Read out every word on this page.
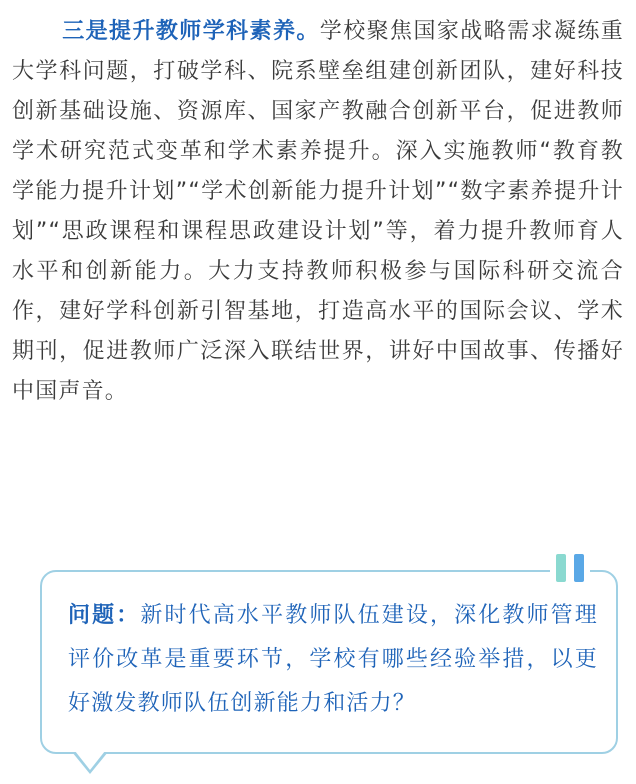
三是提升教师学科素养。学校聚焦国家战略需求凝练重大学科问题，打破学科、院系壁垒组建创新团队，建好科技创新基础设施、资源库、国家产教融合创新平台，促进教师学术研究范式变革和学术素养提升。深入实施教师“教育教学能力提升计划”“学术创新能力提升计划”“数字素养提升计划”“思政课程和课程思政建设计划”等，着力提升教师育人水平和创新能力。大力支持教师积极参与国际科研交流合作，建好学科创新引智基地，打造高水平的国际会议、学术期刊，促进教师广泛深入联结世界，讲好中国故事、传播好中国声音。

问题：新时代高水平教师队伍建设，深化教师管理评价改革是重要环节，学校有哪些经验举措，以更好激发教师队伍创新能力和活力？
